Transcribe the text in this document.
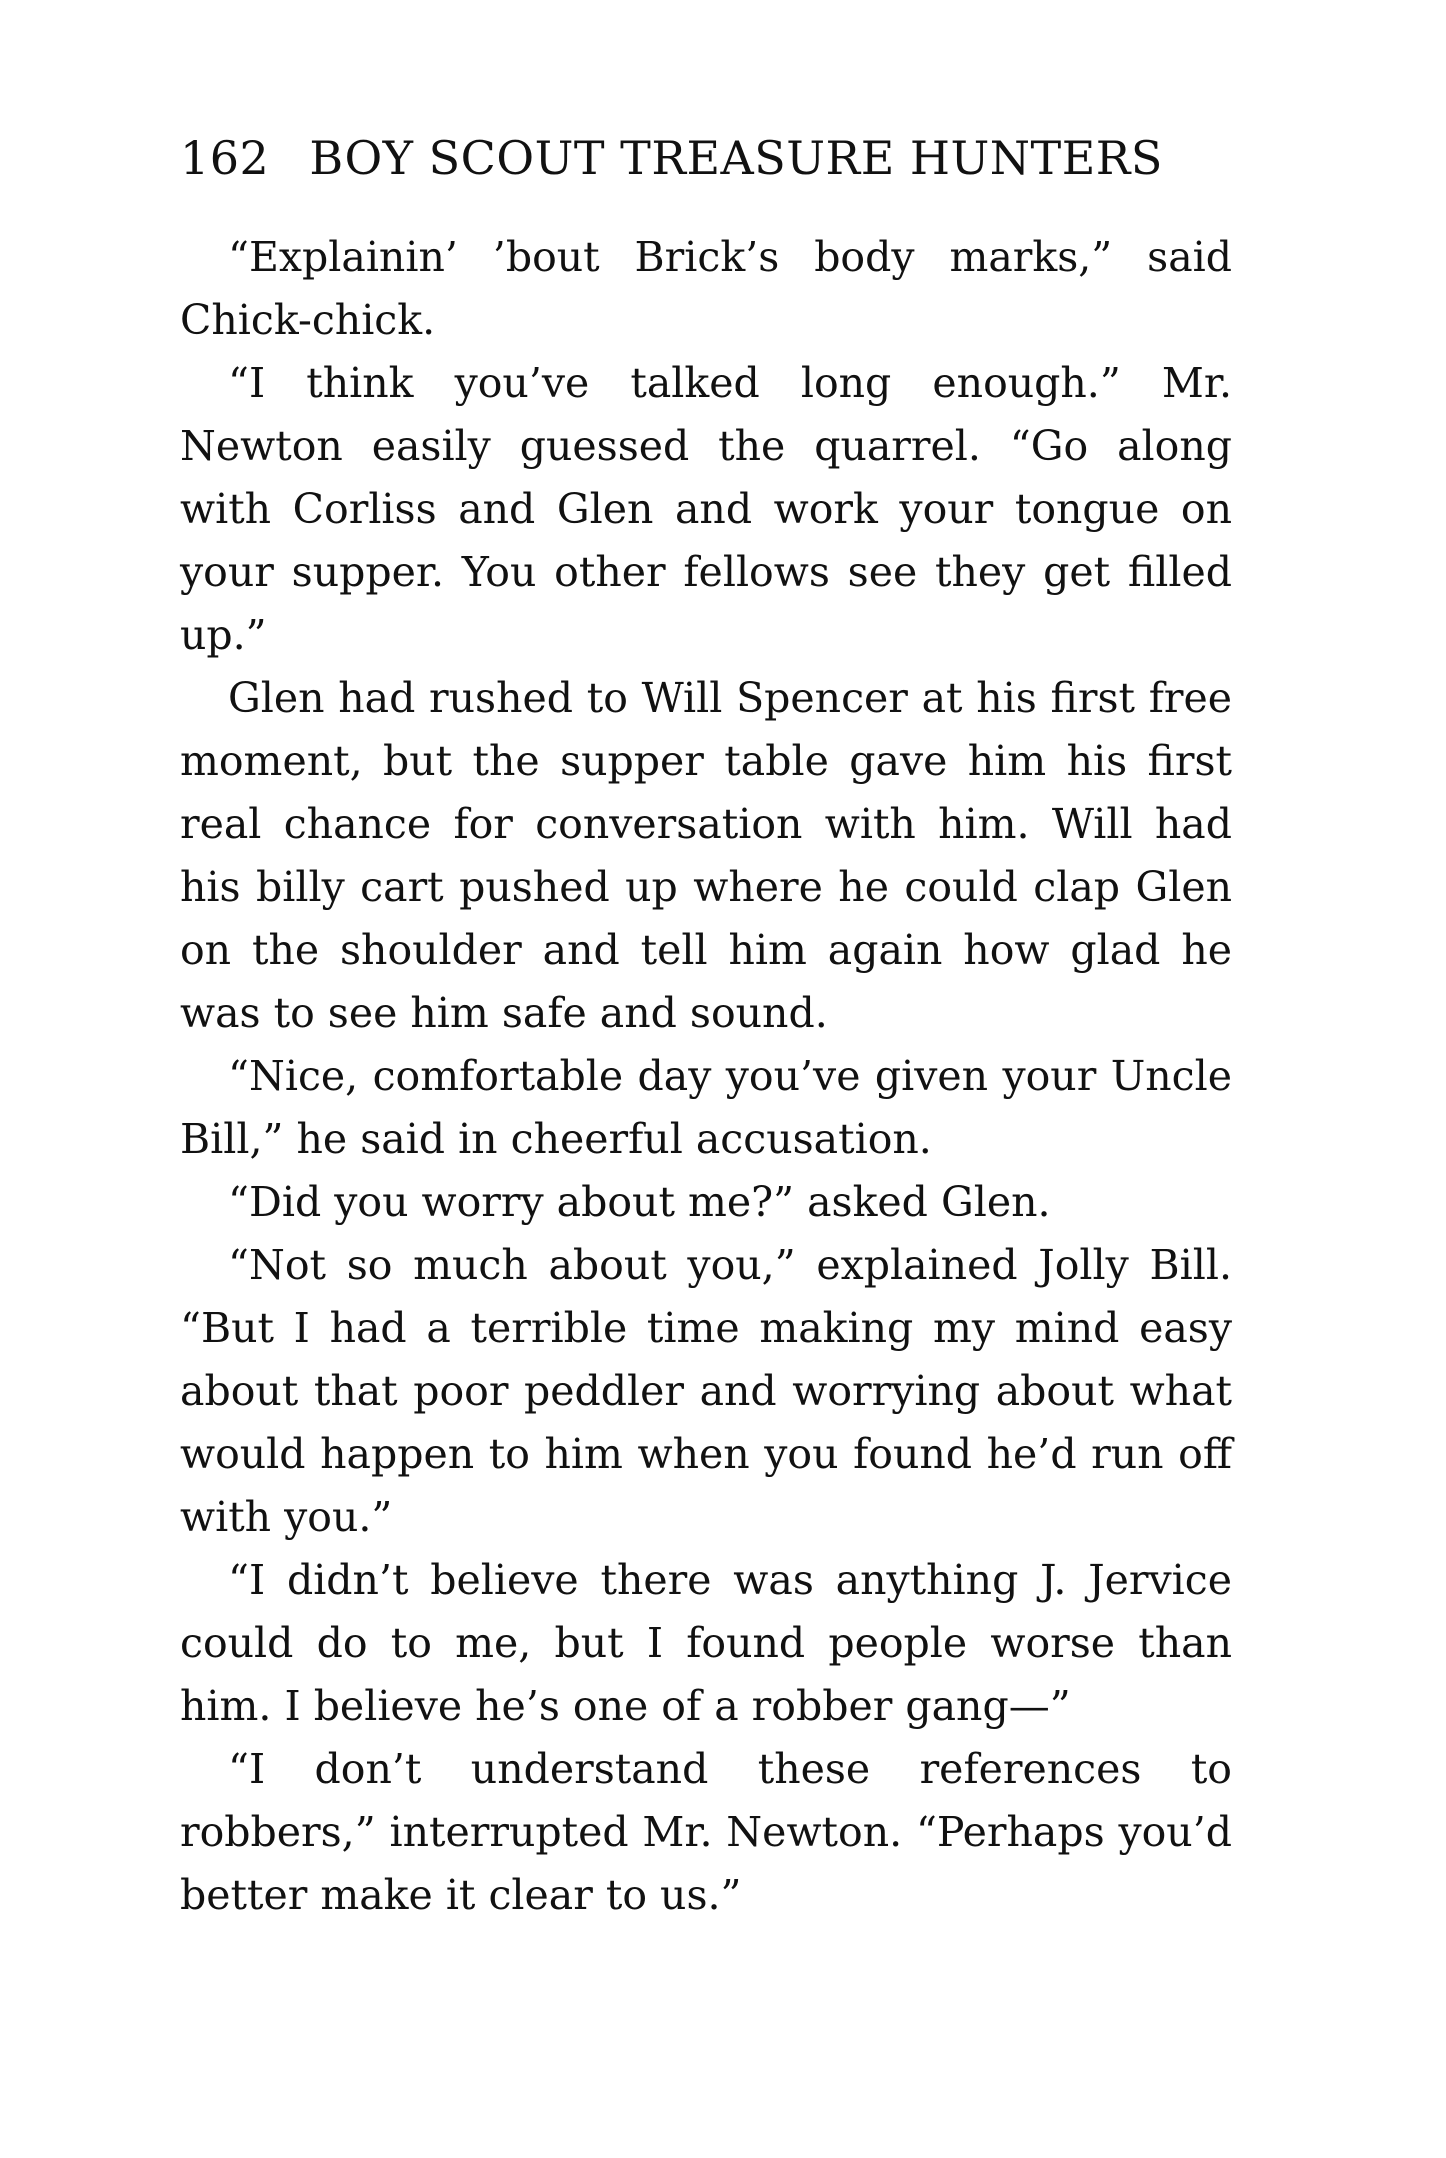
162 BOY SCOUT TREASURE HUNTERS

“Explainin’ ’bout Brick’s body marks,” said Chick-chick.

“I think you’ve talked long enough.” Mr. Newton easily guessed the quarrel. “Go along with Corliss and Glen and work your tongue on your supper. You other fellows see they get filled up.”

Glen had rushed to Will Spencer at his first free moment, but the supper table gave him his first real chance for conversation with him. Will had his billy cart pushed up where he could clap Glen on the shoulder and tell him again how glad he was to see him safe and sound.

“Nice, comfortable day you’ve given your Uncle Bill,” he said in cheerful accusation.

“Did you worry about me?” asked Glen.

“Not so much about you,” explained Jolly Bill. “But I had a terrible time making my mind easy about that poor peddler and worrying about what would happen to him when you found he’d run off with you.”

“I didn’t believe there was anything J. Jervice could do to me, but I found people worse than him. I believe he’s one of a robber gang—”

“I don’t understand these references to robbers,” interrupted Mr. Newton. “Perhaps you’d better make it clear to us.”
